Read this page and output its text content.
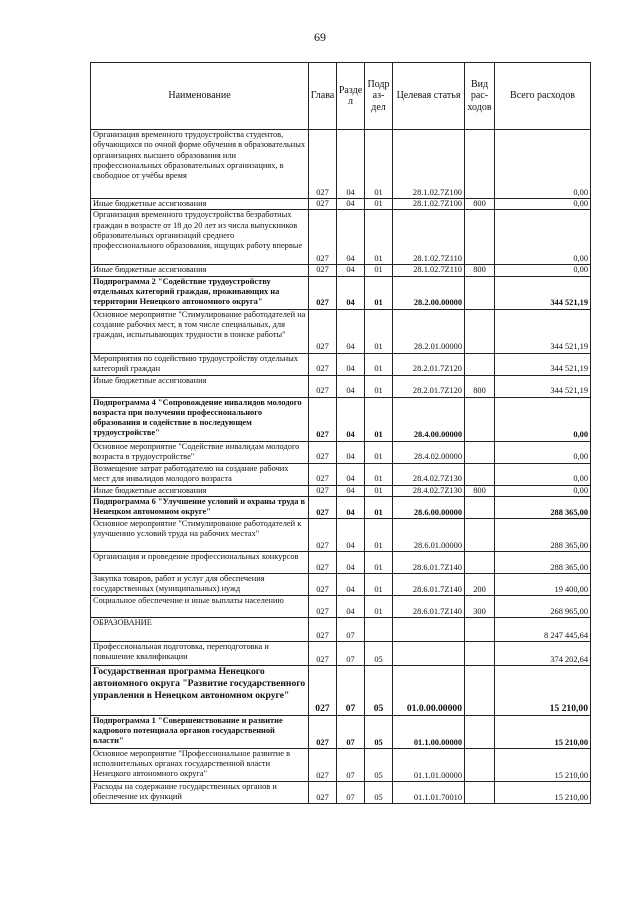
69
Наименование	Глава	Разде л	Подр аз- дел	Целевая статья	Вид рас- ходов	Всего расходов
Организация временного трудоустройства студентов, обучающихся по очной форме обучения в образовательных организациях высшего образования или профессиональных образовательных организациях, в свободное от учёбы время	027	04	01	28.1.02.7Z100		0,00
Иные бюджетные ассигнования	027	04	01	28.1.02.7Z100	800	0,00
Организация временного трудоустройства безработных граждан в возрасте от 18 до 20 лет из числа выпускников образовательных организаций среднего профессионального образования, ищущих работу впервые	027	04	01	28.1.02.7Z110		0,00
Иные бюджетные ассигнования	027	04	01	28.1.02.7Z110	800	0,00
Подпрограмма 2 "Содействие трудоустройству отдельных категорий граждан, проживающих на территории Ненецкого автономного округа"	027	04	01	28.2.00.00000		344 521,19
Основное мероприятие "Стимулирование работодателей на создание рабочих мест, в том числе специальных, для граждан, испытывающих трудности в поиске работы"	027	04	01	28.2.01.00000		344 521,19
Мероприятия по содействию трудоустройству отдельных категорий граждан	027	04	01	28.2.01.7Z120		344 521,19
Иные бюджетные ассигнования	027	04	01	28.2.01.7Z120	800	344 521,19
Подпрограмма 4 "Сопровождение инвалидов молодого возраста при получении профессионального образования и содействие в последующем трудоустройстве"	027	04	01	28.4.00.00000		0,00
Основное мероприятие "Содействие инвалидам молодого возраста в трудоустройстве"	027	04	01	28.4.02.00000		0,00
Возмещение затрат работодателю на создание рабочих мест для инвалидов молодого возраста	027	04	01	28.4.02.7Z130		0,00
Иные бюджетные ассигнования	027	04	01	28.4.02.7Z130	800	0,00
Подпрограмма 6 "Улучшение условий и охраны труда в Ненецком автономном округе"	027	04	01	28.6.00.00000		288 365,00
Основное мероприятие "Стимулирование работодателей к улучшению условий труда на рабочих местах"	027	04	01	28.6.01.00000		288 365,00
Организация и проведение профессиональных конкурсов	027	04	01	28.6.01.7Z140		288 365,00
Закупка товаров, работ и услуг для обеспечения государственных (муниципальных) нужд	027	04	01	28.6.01.7Z140	200	19 400,00
Социальное обеспечение и иные выплаты населению	027	04	01	28.6.01.7Z140	300	268 965,00
ОБРАЗОВАНИЕ	027	07				8 247 445,64
Профессиональная подготовка, переподготовка и повышение квалификации	027	07	05			374 202,64
Государственная программа Ненецкого автономного округа "Развитие государственного управления в Ненецком автономном округе"	027	07	05	01.0.00.00000		15 210,00
Подпрограмма 1 "Совершенствование и развитие кадрового потенциала органов государственной власти"	027	07	05	01.1.00.00000		15 210,00
Основное мероприятие "Профессиональное развитие в исполнительных органах государственной власти Ненецкого автономного округа"	027	07	05	01.1.01.00000		15 210,00
Расходы на содержание государственных органов и обеспечение их функций	027	07	05	01.1.01.70010		15 210,00
